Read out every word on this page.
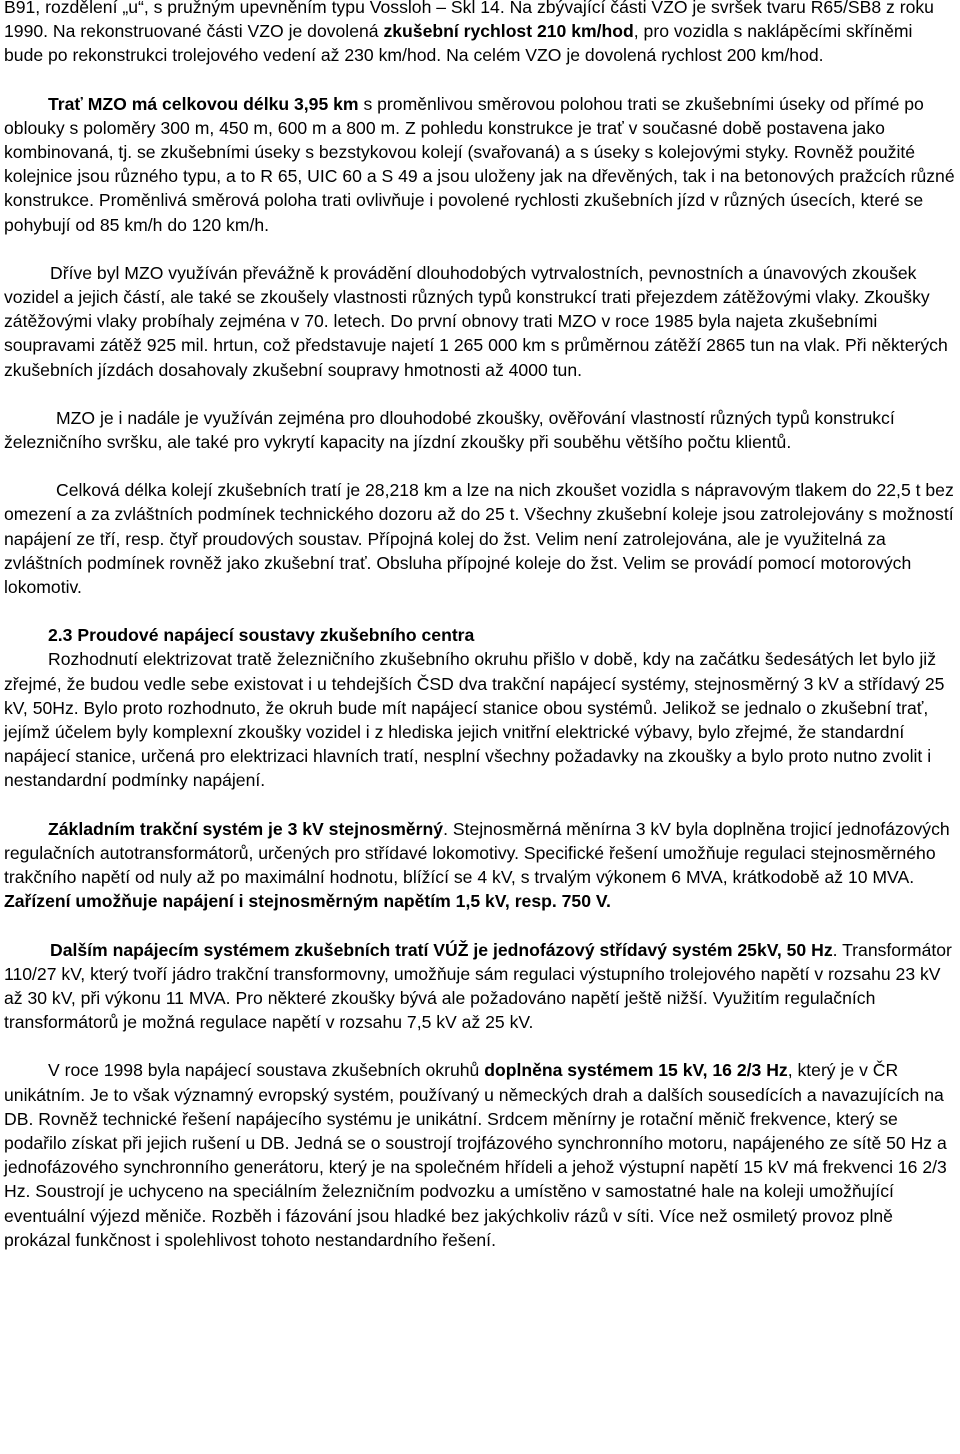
B91, rozdělení „u“, s pružným upevněním typu Vossloh – Skl 14. Na zbývající části VZO je svršek tvaru R65/SB8 z roku 1990. Na rekonstruované části VZO je dovolená zkušební rychlost 210 km/hod, pro vozidla s naklápěcími skříněmi bude po rekonstrukci trolejového vedení až 230 km/hod. Na celém VZO je dovolená rychlost 200 km/hod.

Trať MZO má celkovou délku 3,95 km s proměnlivou směrovou polohou trati se zkušebními úseky od přímé po oblouky s poloměry 300 m, 450 m, 600 m a 800 m. Z pohledu konstrukce je trať v současné době postavena jako kombinovaná, tj. se zkušebními úseky s bezstykovou kolejí (svařovaná) a s úseky s kolejovými styky. Rovněž použité kolejnice jsou různého typu, a to R 65, UIC 60 a S 49 a jsou uloženy jak na dřevěných, tak i na betonových pražcích různé konstrukce. Proměnlivá směrová poloha trati ovlivňuje i povolené rychlosti zkušebních jízd v různých úsecích, které se pohybují od 85 km/h do 120 km/h.

Dříve byl MZO využíván převážně k provádění dlouhodobých vytrvalostních, pevnostních a únavových zkoušek vozidel a jejich částí, ale také se zkoušely vlastnosti různých typů konstrukcí trati přejezdem zátěžovými vlaky. Zkoušky zátěžovými vlaky probíhaly zejména v 70. letech. Do první obnovy trati MZO v roce 1985 byla najeta zkušebními soupravami zátěž 925 mil. hrtun, což představuje najetí 1 265 000 km s průměrnou zátěží 2865 tun na vlak. Při některých zkušebních jízdách dosahovaly zkušební soupravy hmotnosti až 4000 tun.

MZO je i nadále je využíván zejména pro dlouhodobé zkoušky, ověřování vlastností různých typů konstrukcí železničního svršku, ale také pro vykrytí kapacity na jízdní zkoušky při souběhu většího počtu klientů.

Celková délka kolejí zkušebních tratí je 28,218 km a lze na nich zkoušet vozidla s nápravovým tlakem do 22,5 t bez omezení a za zvláštních podmínek technického dozoru až do 25 t. Všechny zkušební koleje jsou zatrolejovány s možností napájení ze tří, resp. čtyř proudových soustav. Přípojná kolej do žst. Velim není zatrolejována, ale je využitelná za zvláštních podmínek rovněž jako zkušební trať. Obsluha přípojné koleje do žst. Velim se provádí pomocí motorových lokomotiv.

2.3 Proudové napájecí soustavy zkušebního centra

Rozhodnutí elektrizovat tratě železničního zkušebního okruhu přišlo v době, kdy na začátku šedesátých let bylo již zřejmé, že budou vedle sebe existovat i u tehdejších ČSD dva trakční napájecí systémy, stejnosměrný 3 kV a střídavý 25 kV, 50Hz. Bylo proto rozhodnuto, že okruh bude mít napájecí stanice obou systémů. Jelikož se jednalo o zkušební trať, jejímž účelem byly komplexní zkoušky vozidel i z hlediska jejich vnitřní elektrické výbavy, bylo zřejmé, že standardní napájecí stanice, určená pro elektrizaci hlavních tratí, nesplní všechny požadavky na zkoušky a bylo proto nutno zvolit i nestandardní podmínky napájení.

Základním trakční systém je 3 kV stejnosměrný. Stejnosměrná měnírna 3 kV byla doplněna trojicí jednofázových regulačních autotransformátorů, určených pro střídavé lokomotivy. Specifické řešení umožňuje regulaci stejnosměrného trakčního napětí od nuly až po maximální hodnotu, blížící se 4 kV, s trvalým výkonem 6 MVA, krátkodobě až 10 MVA. Zařízení umožňuje napájení i stejnosměrným napětím 1,5 kV, resp. 750 V.

Dalším napájecím systémem zkušebních tratí VÚŽ je jednofázový střídavý systém 25kV, 50 Hz. Transformátor 110/27 kV, který tvoří jádro trakční transformovny, umožňuje sám regulaci výstupního trolejového napětí v rozsahu 23 kV až 30 kV, při výkonu 11 MVA. Pro některé zkoušky bývá ale požadováno napětí ještě nižší. Využitím regulačních transformátorů je možná regulace napětí v rozsahu 7,5 kV až 25 kV.

V roce 1998 byla napájecí soustava zkušebních okruhů doplněna systémem 15 kV, 16 2/3 Hz, který je v ČR unikátním. Je to však významný evropský systém, používaný u německých drah a dalších sousedících a navazujících na DB. Rovněž technické řešení napájecího systému je unikátní. Srdcem měnírny je rotační měnič frekvence, který se podařilo získat při jejich rušení u DB. Jedná se o soustrojí trojfázového synchronního motoru, napájeného ze sítě 50 Hz a jednofázového synchronního generátoru, který je na společném hřídeli a jehož výstupní napětí 15 kV má frekvenci 16 2/3 Hz. Soustrojí je uchyceno na speciálním železničním podvozku a umístěno v samostatné hale na koleji umožňující eventuální výjezd měniče. Rozběh i fázování jsou hladké bez jakýchkoliv rázů v síti. Více než osmiletý provoz plně prokázal funkčnost i spolehlivost tohoto nestandardního řešení.
